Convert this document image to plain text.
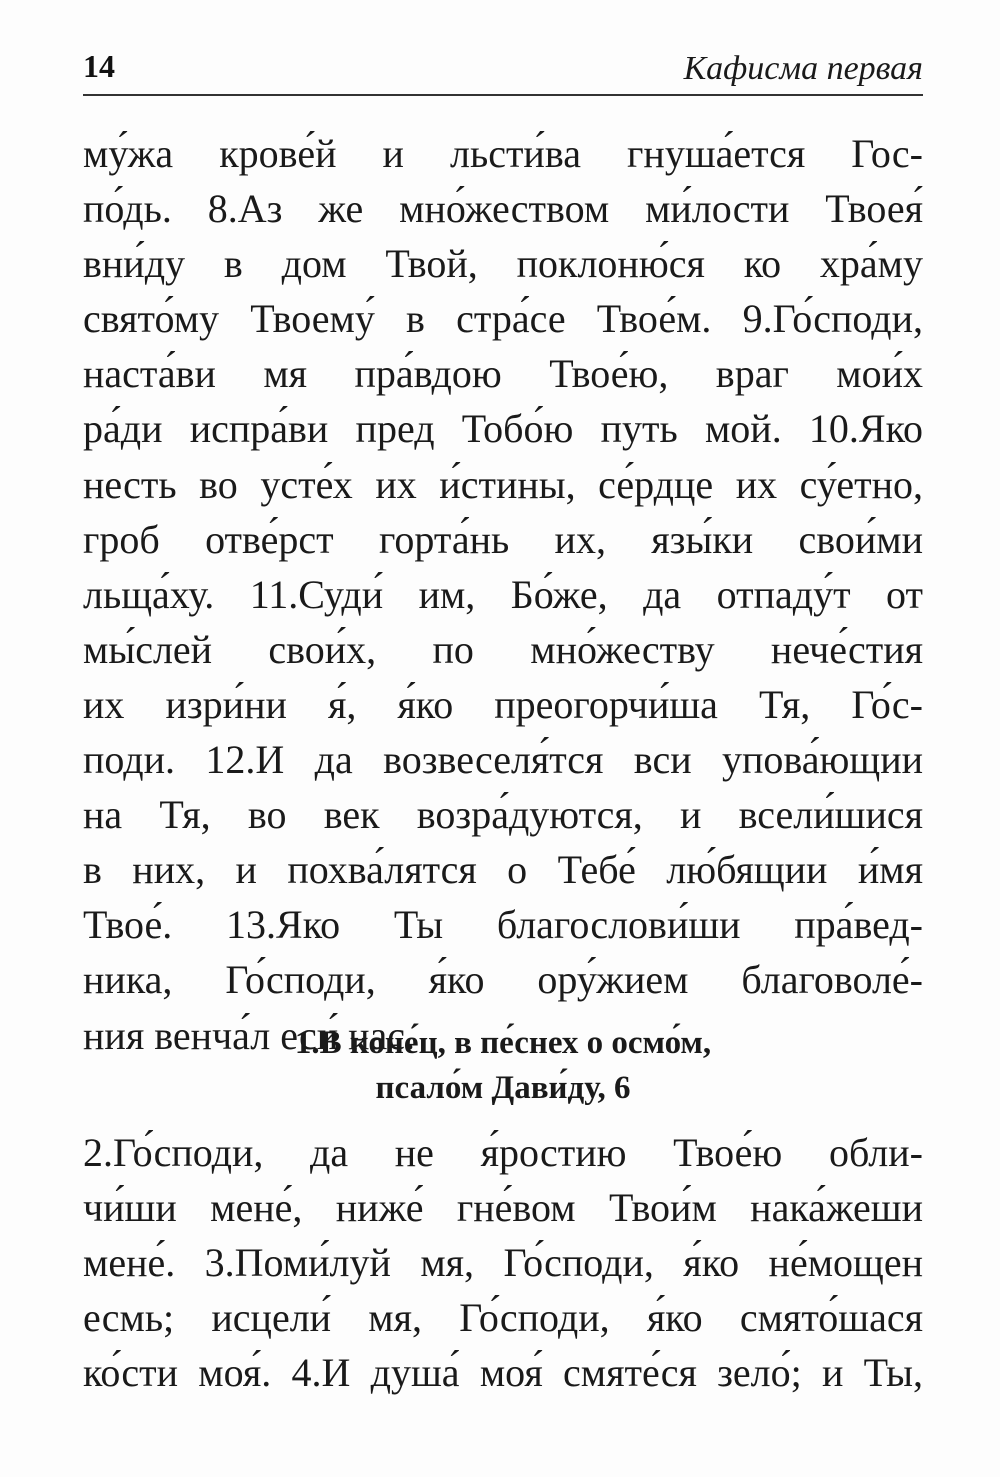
14	Кафисма первая
му́жа крове́й и льсти́ва гнуша́ется Гос-
по́дь. 8.Аз же мно́жеством ми́лости Твоея́
вни́ду в дом Твой, поклоню́ся ко хра́му
свято́му Твоему́ в стра́се Твое́м. 9.Го́споди,
наста́ви мя пра́вдою Твое́ю, враг мои́х
ра́ди испра́ви пред Тобо́ю путь мой. 10.Яко
несть во усте́х их и́стины, се́рдце их су́етно,
гроб отве́рст горта́нь их, язы́ки свои́ми
льща́ху. 11.Суди́ им, Бо́же, да отпаду́т от
мы́слей свои́х, по мно́жеству нече́стия
их изри́ни я́, я́ко преогорчи́ша Тя, Го́с-
поди. 12.И да возвеселя́тся вси упова́ющии
на Тя, во век возра́дуются, и всели́шися
в них, и похва́лятся о Тебе́ лю́бящии и́мя
Твое́. 13.Яко Ты благослови́ши пра́вед-
ника, Го́споди, я́ко ору́жием благоволе́-
ния венча́л еси́ нас.
1.В коне́ц, в пе́снех о осмо́м,
псало́м Дави́ду, 6
2.Го́споди, да не я́ростию Твое́ю обли-
чи́ши мене́, ниже́ гне́вом Твои́м нака́жеши
мене́. 3.Поми́луй мя, Го́споди, я́ко не́мощен
есмь; исцели́ мя, Го́споди, я́ко смято́шася
ко́сти моя́. 4.И душа́ моя́ смяте́ся зело́; и Ты,
